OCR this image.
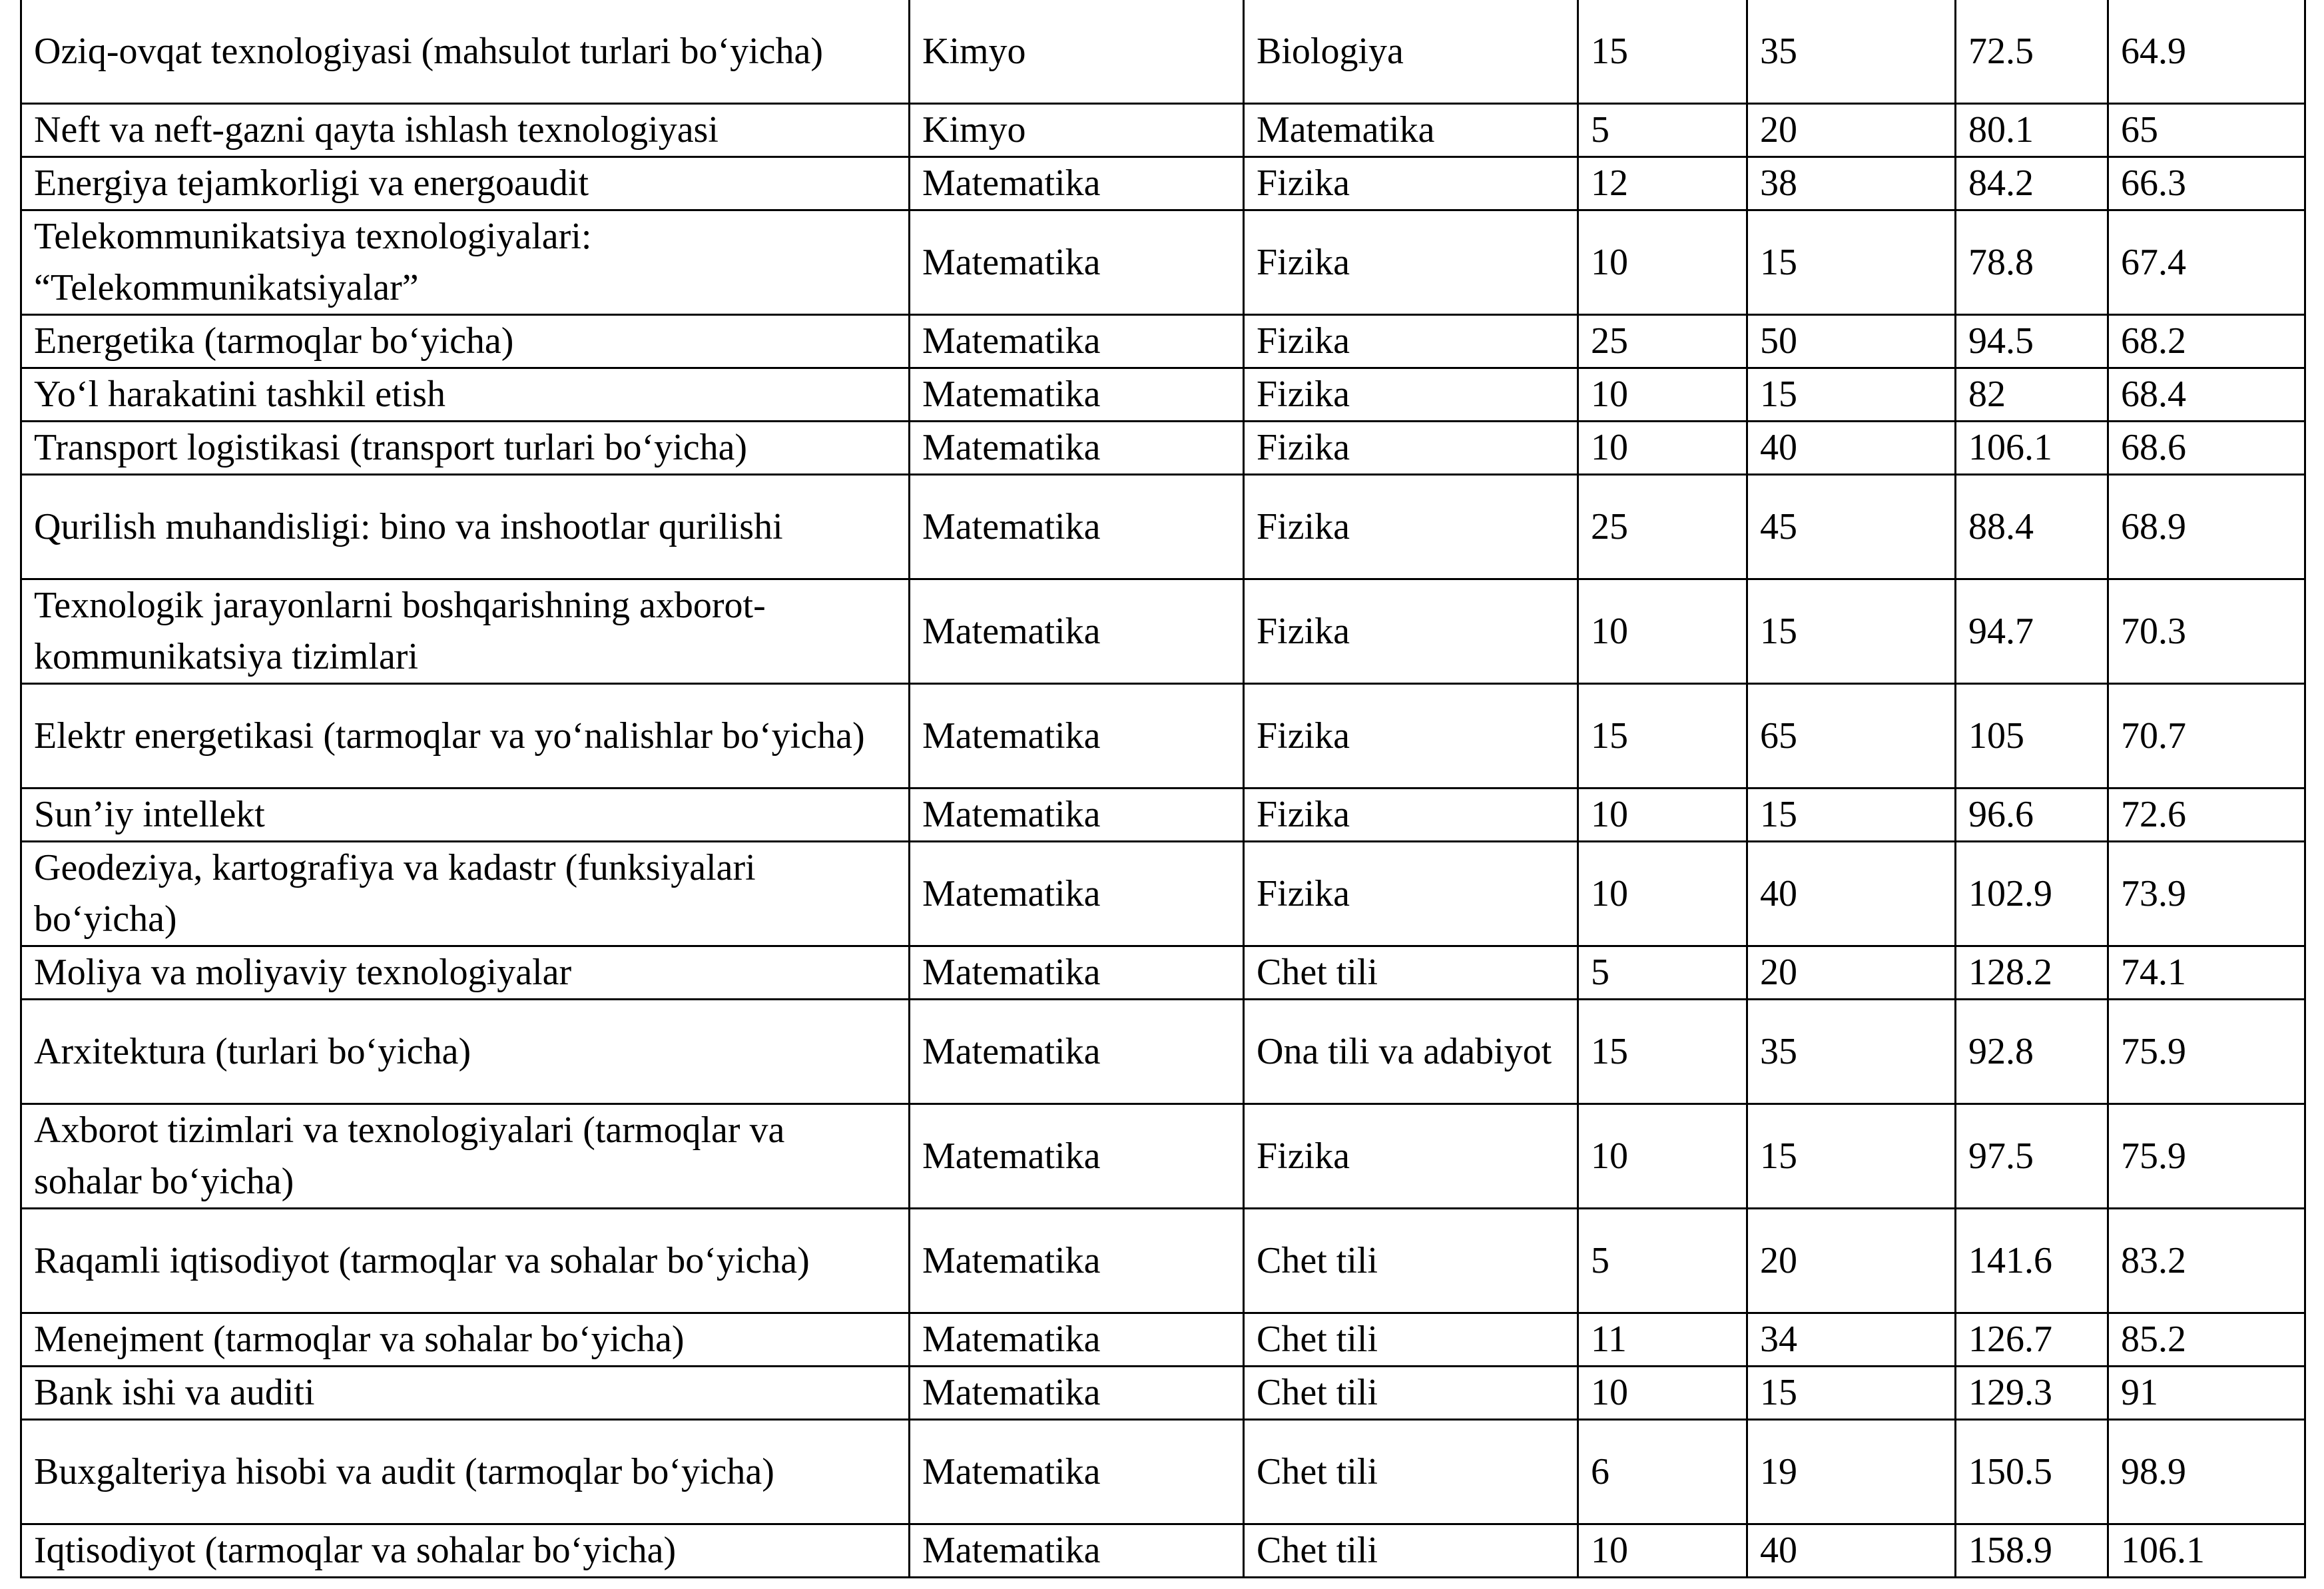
Oziq-ovqat texnologiyasi (mahsulot turlari bo‘yicha)	Kimyo	Biologiya	15	35	72.5	64.9
Neft va neft-gazni qayta ishlash texnologiyasi	Kimyo	Matematika	5	20	80.1	65
Energiya tejamkorligi va energoaudit	Matematika	Fizika	12	38	84.2	66.3
Telekommunikatsiya texnologiyalari: “Telekommunikatsiyalar”	Matematika	Fizika	10	15	78.8	67.4
Energetika (tarmoqlar bo‘yicha)	Matematika	Fizika	25	50	94.5	68.2
Yo‘l harakatini tashkil etish	Matematika	Fizika	10	15	82	68.4
Transport logistikasi (transport turlari bo‘yicha)	Matematika	Fizika	10	40	106.1	68.6
Qurilish muhandisligi: bino va inshootlar qurilishi	Matematika	Fizika	25	45	88.4	68.9
Texnologik jarayonlarni boshqarishning axborot-kommunikatsiya tizimlari	Matematika	Fizika	10	15	94.7	70.3
Elektr energetikasi (tarmoqlar va yo‘nalishlar bo‘yicha)	Matematika	Fizika	15	65	105	70.7
Sun’iy intellekt	Matematika	Fizika	10	15	96.6	72.6
Geodeziya, kartografiya va kadastr (funksiyalari bo‘yicha)	Matematika	Fizika	10	40	102.9	73.9
Moliya va moliyaviy texnologiyalar	Matematika	Chet tili	5	20	128.2	74.1
Arxitektura (turlari bo‘yicha)	Matematika	Ona tili va adabiyot	15	35	92.8	75.9
Axborot tizimlari va texnologiyalari (tarmoqlar va sohalar bo‘yicha)	Matematika	Fizika	10	15	97.5	75.9
Raqamli iqtisodiyot (tarmoqlar va sohalar bo‘yicha)	Matematika	Chet tili	5	20	141.6	83.2
Menejment (tarmoqlar va sohalar bo‘yicha)	Matematika	Chet tili	11	34	126.7	85.2
Bank ishi va auditi	Matematika	Chet tili	10	15	129.3	91
Buxgalteriya hisobi va audit (tarmoqlar bo‘yicha)	Matematika	Chet tili	6	19	150.5	98.9
Iqtisodiyot (tarmoqlar va sohalar bo‘yicha)	Matematika	Chet tili	10	40	158.9	106.1
